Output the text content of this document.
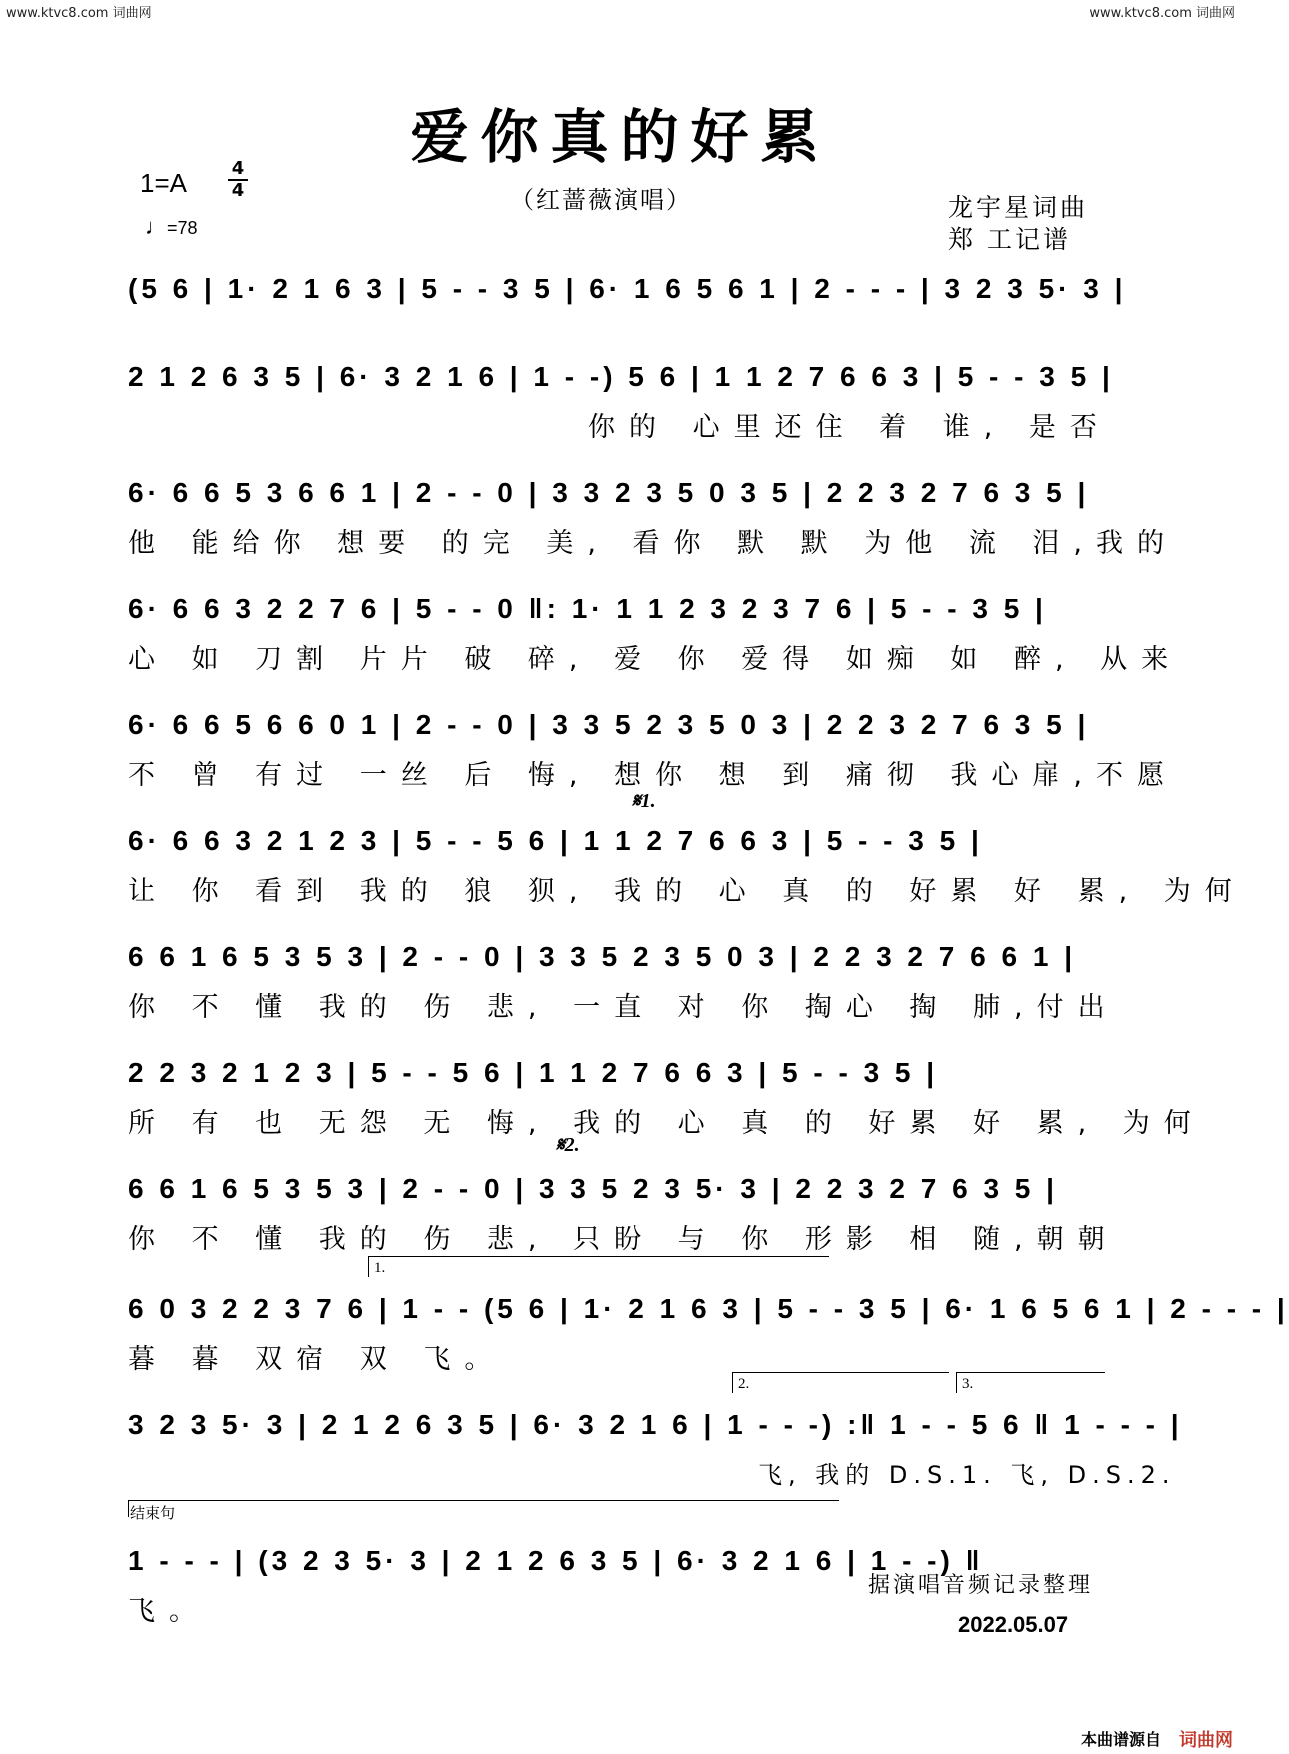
www.ktvc8.com 词曲网	www.ktvc8.com 词曲网
爱你真的好累
1=A 4
4
♩=78
（红蔷薇演唱）	龙宇星词曲
郑 工记谱
(5 6 | 1· 2 1 6 3 | 5 - - 3 5 | 6· 1 6 5 6 1 | 2 - - - | 3 2 3 5· 3 |
2 1 2 6 3 5 | 6· 3 2 1 6 | 1 - -) 5 6 | 1 1 2 7 6 6 3 | 5 - - 3 5 |
你的 心里还住 着 谁, 是否
6· 6 6 5 3 6 6 1 | 2 - - 0 | 3 3 2 3 5 0 3 5 | 2 2 3 2 7 6 3 5 |
他 能给你 想要 的完 美, 看你 默 默 为他 流 泪,我的
6· 6 6 3 2 2 7 6 | 5 - - 0 ‖: 1· 1 1 2 3 2 3 7 6 | 5 - - 3 5 |
心 如 刀割 片片 破 碎, 爱 你 爱得 如痴 如 醉, 从来
6· 6 6 5 6 6 0 1 | 2 - - 0 | 3 3 5 2 3 5 0 3 | 2 2 3 2 7 6 3 5 |
不 曾 有过 一丝 后 悔, 想你 想 到 痛彻 我心扉,不愿
6· 6 6 3 2 1 2 3 | 5 - - 5 6 | 1 1 2 7 6 6 3 | 5 - - 3 5 |
让 你 看到 我的 狼 狈, 我的 心 真 的 好累 好 累, 为何
𝄋1.
6 6 1 6 5 3 5 3 | 2 - - 0 | 3 3 5 2 3 5 0 3 | 2 2 3 2 7 6 6 1 |
你 不 懂 我的 伤 悲, 一直 对 你 掏心 掏 肺,付出
2 2 3 2 1 2 3 | 5 - - 5 6 | 1 1 2 7 6 6 3 | 5 - - 3 5 |
所 有 也 无怨 无 悔, 我的 心 真 的 好累 好 累, 为何
6 6 1 6 5 3 5 3 | 2 - - 0 | 3 3 5 2 3 5· 3 | 2 2 3 2 7 6 3 5 |
你 不 懂 我的 伤 悲, 只盼 与 你 形影 相 随,朝朝
𝄋2.
1.
6 0 3 2 2 3 7 6 | 1 - - (5 6 | 1· 2 1 6 3 | 5 - - 3 5 | 6· 1 6 5 6 1 | 2 - - - |
暮 暮 双宿 双 飞。
2.	3.
3 2 3 5· 3 | 2 1 2 6 3 5 | 6· 3 2 1 6 | 1 - - -) :‖ 1 - - 5 6 ‖ 1 - - - |
飞, 我的 D.S.1. 飞, D.S.2.
结束句
1 - - - | (3 2 3 5· 3 | 2 1 2 6 3 5 | 6· 3 2 1 6 | 1 - -) ‖
飞。
据演唱音频记录整理
2022.05.07
本曲谱源自 词曲网
